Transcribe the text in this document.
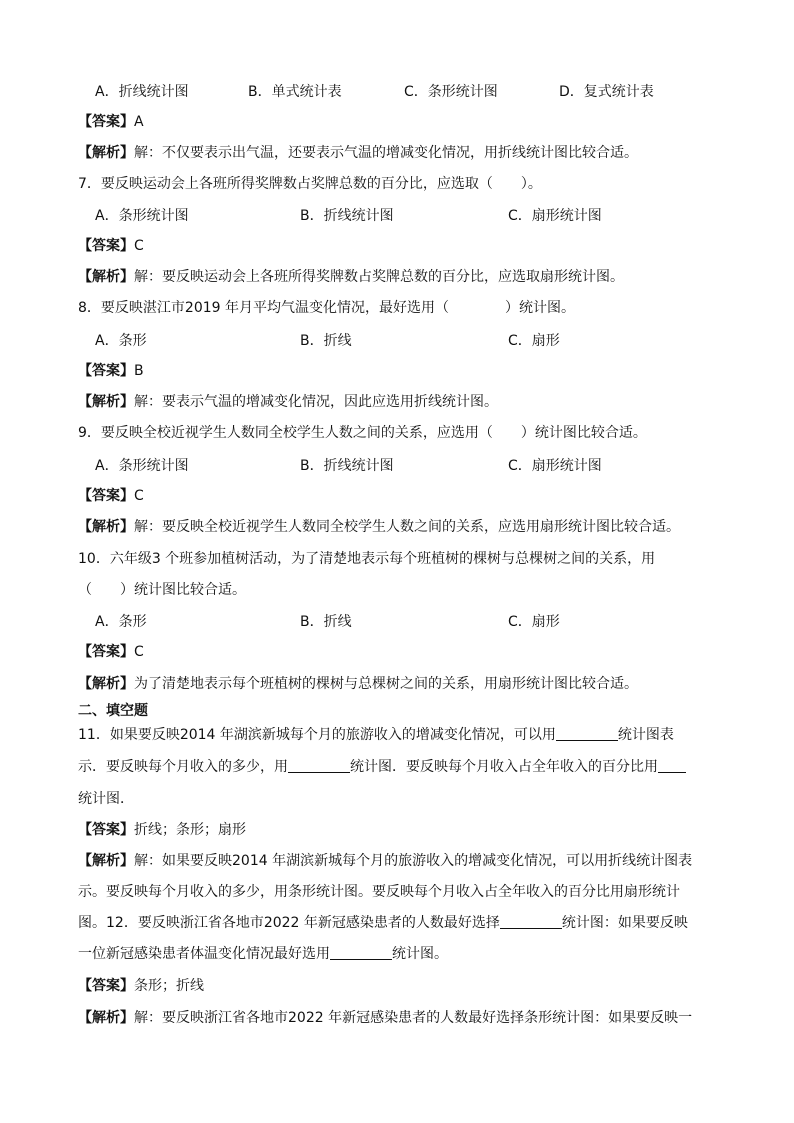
A．折线统计图	B．单式统计表	C．条形统计图	D．复式统计表
【答案】A
【解析】解：不仅要表示出气温，还要表示气温的增减变化情况，用折线统计图比较合适。
7．要反映运动会上各班所得奖牌数占奖牌总数的百分比，应选取（　　）。
A．条形统计图	B．折线统计图	C．扇形统计图
【答案】C
【解析】解：要反映运动会上各班所得奖牌数占奖牌总数的百分比，应选取扇形统计图。
8．要反映湛江市2019 年月平均气温变化情况，最好选用（　　　　）统计图。
A．条形	B．折线	C．扇形
【答案】B
【解析】解：要表示气温的增减变化情况，因此应选用折线统计图。
9．要反映全校近视学生人数同全校学生人数之间的关系，应选用（　　）统计图比较合适。
A．条形统计图	B．折线统计图	C．扇形统计图
【答案】C
【解析】解：要反映全校近视学生人数同全校学生人数之间的关系，应选用扇形统计图比较合适。
10．六年级3 个班参加植树活动，为了清楚地表示每个班植树的棵树与总棵树之间的关系，用
（　　）统计图比较合适。
A．条形	B．折线	C．扇形
【答案】C
【解析】为了清楚地表示每个班植树的棵树与总棵树之间的关系，用扇形统计图比较合适。
二、填空题
11．如果要反映2014 年湖滨新城每个月的旅游收入的增减变化情况，可以用	统计图表
示．要反映每个月收入的多少，用	统计图．要反映每个月收入占全年收入的百分比用
统计图．
【答案】折线；条形；扇形
【解析】解：如果要反映2014 年湖滨新城每个月的旅游收入的增减变化情况，可以用折线统计图表
示。要反映每个月收入的多少，用条形统计图。要反映每个月收入占全年收入的百分比用扇形统计
图。12．要反映浙江省各地市2022 年新冠感染患者的人数最好选择	统计图：如果要反映
一位新冠感染患者体温变化情况最好选用	统计图。
【答案】条形；折线
【解析】解：要反映浙江省各地市2022 年新冠感染患者的人数最好选择条形统计图：如果要反映一
